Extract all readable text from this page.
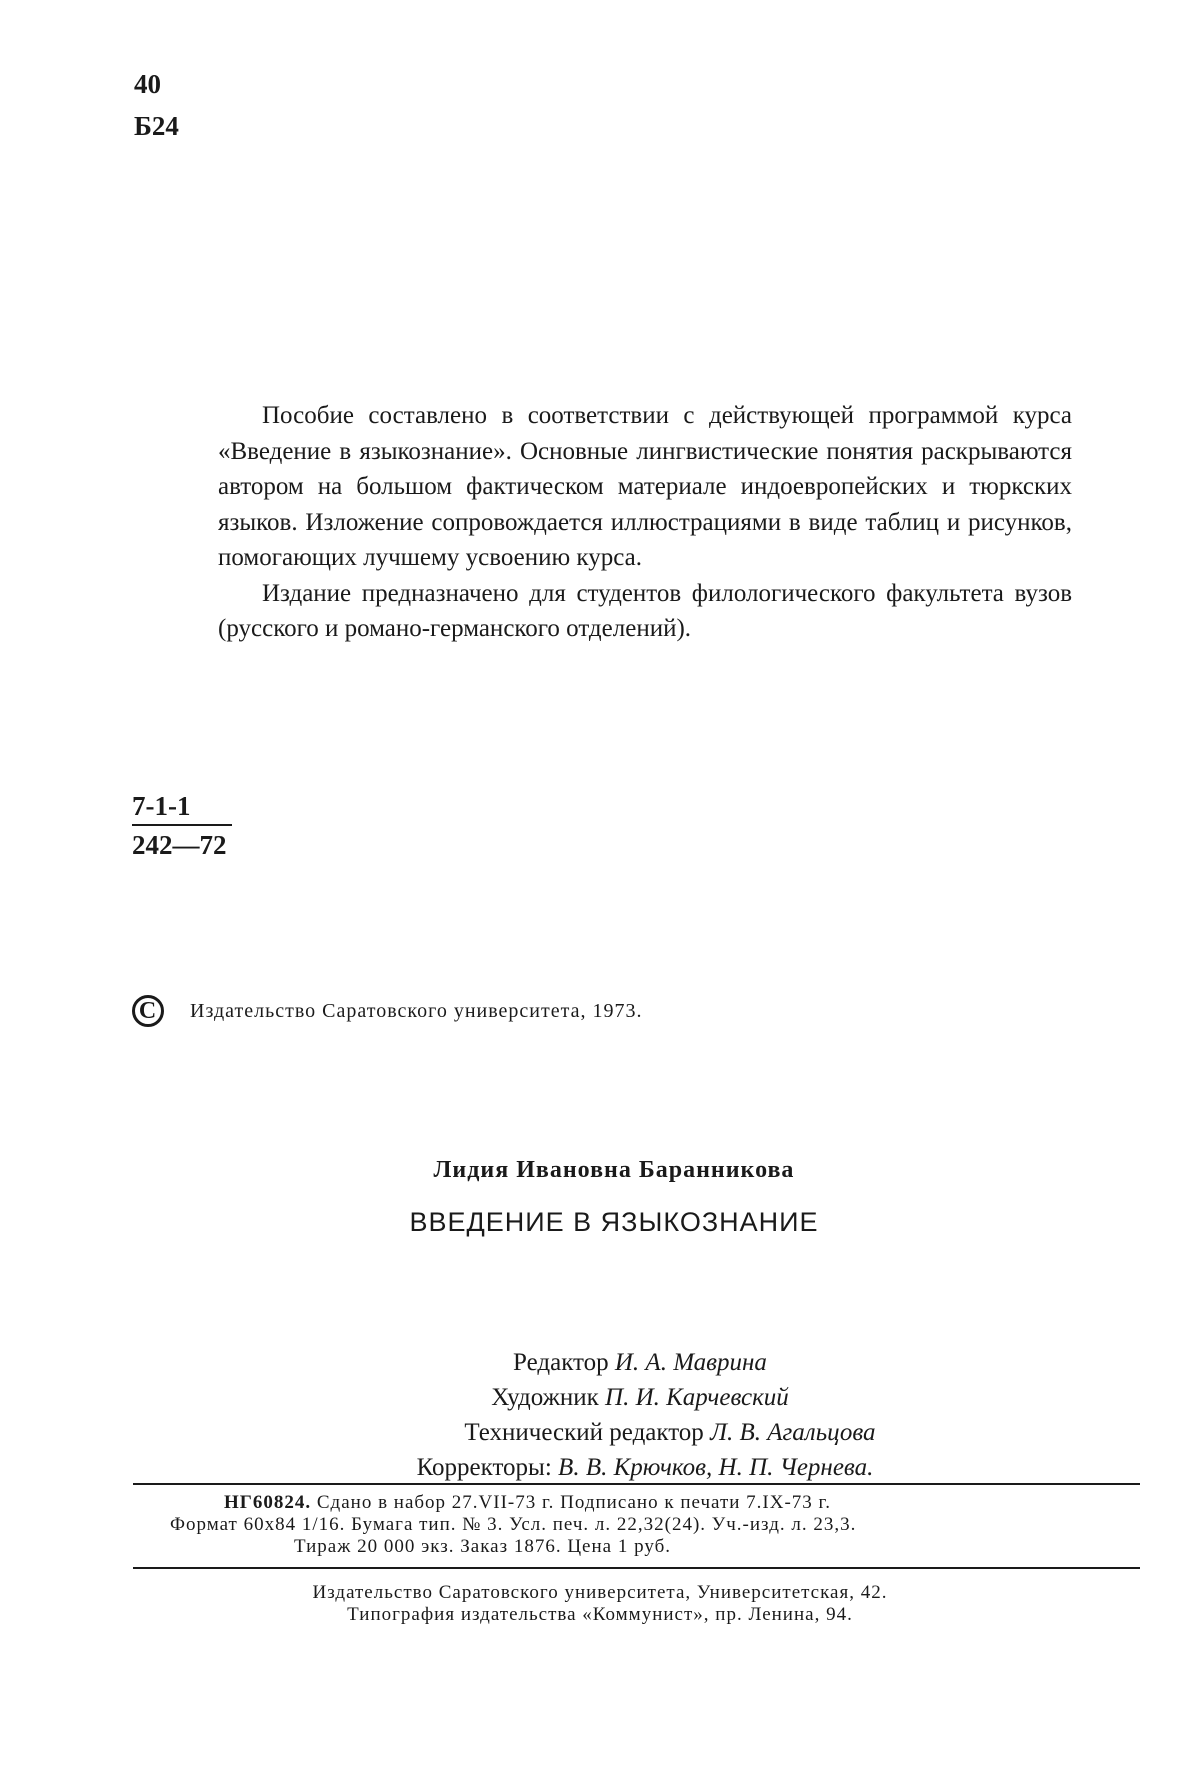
40
Б24

Пособие составлено в соответствии с действующей программой курса «Введение в языкознание». Основные лингвистические понятия раскрываются автором на большом фактическом материале индоевропейских и тюркских языков. Изложение сопровождается иллюстрациями в виде таблиц и рисунков, помогающих лучшему усвоению курса.

Издание предназначено для студентов филологического факультета вузов (русского и романо-германского отделений).

7-1-1
242—72
C	Издательство Саратовского университета, 1973.
Лидия Ивановна Баранникова
ВВЕДЕНИЕ В ЯЗЫКОЗНАНИЕ
Редактор И. А. Маврина
Художник П. И. Карчевский
Технический редактор Л. В. Агальцова
Корректоры: В. В. Крючков, Н. П. Чернева.
НГ60824. Сдано в набор 27.VII-73 г. Подписано к печати 7.IX-73 г.
Формат 60х84 1/16. Бумага тип. № 3. Усл. печ. л. 22,32(24). Уч.-изд. л. 23,3.
Тираж 20 000 экз. Заказ 1876. Цена 1 руб.
Издательство Саратовского университета, Университетская, 42.
Типография издательства «Коммунист», пр. Ленина, 94.
